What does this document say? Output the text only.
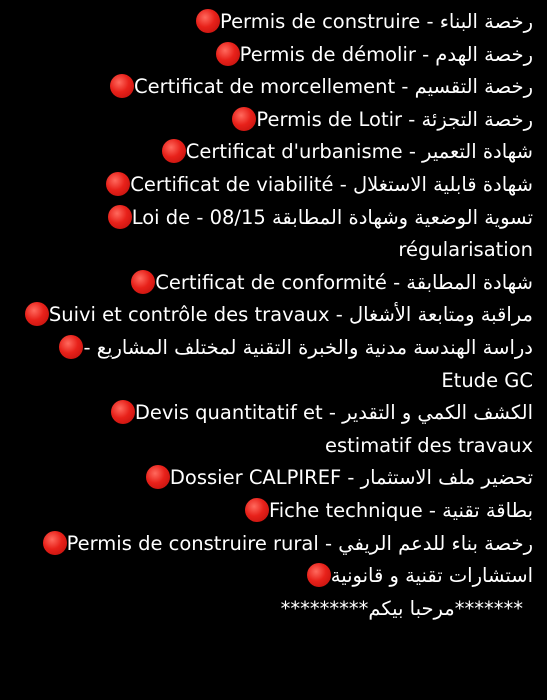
رخصة البناء - Permis de construire
رخصة الهدم - Permis de démolir
رخصة التقسيم - Certificat de morcellement
رخصة التجزئة - Permis de Lotir
شهادة التعمير - Certificat d'urbanisme
شهادة قابلية الاستغلال - Certificat de viabilité
تسوية الوضعية وشهادة المطابقة 08/15 - Loi de régularisation
شهادة المطابقة - Certificat de conformité
مراقبة ومتابعة الأشغال - Suivi et contrôle des travaux
دراسة الهندسة مدنية والخبرة التقنية لمختلف المشاريع - Etude GC
الكشف الكمي و التقدير - Devis quantitatif et estimatif des travaux
تحضير ملف الاستثمار - Dossier CALPIREF
بطاقة تقنية - Fiche technique
رخصة بناء للدعم الريفي - Permis de construire rural
استشارات تقنية و قانونية
*******مرحبا بيكم*********
